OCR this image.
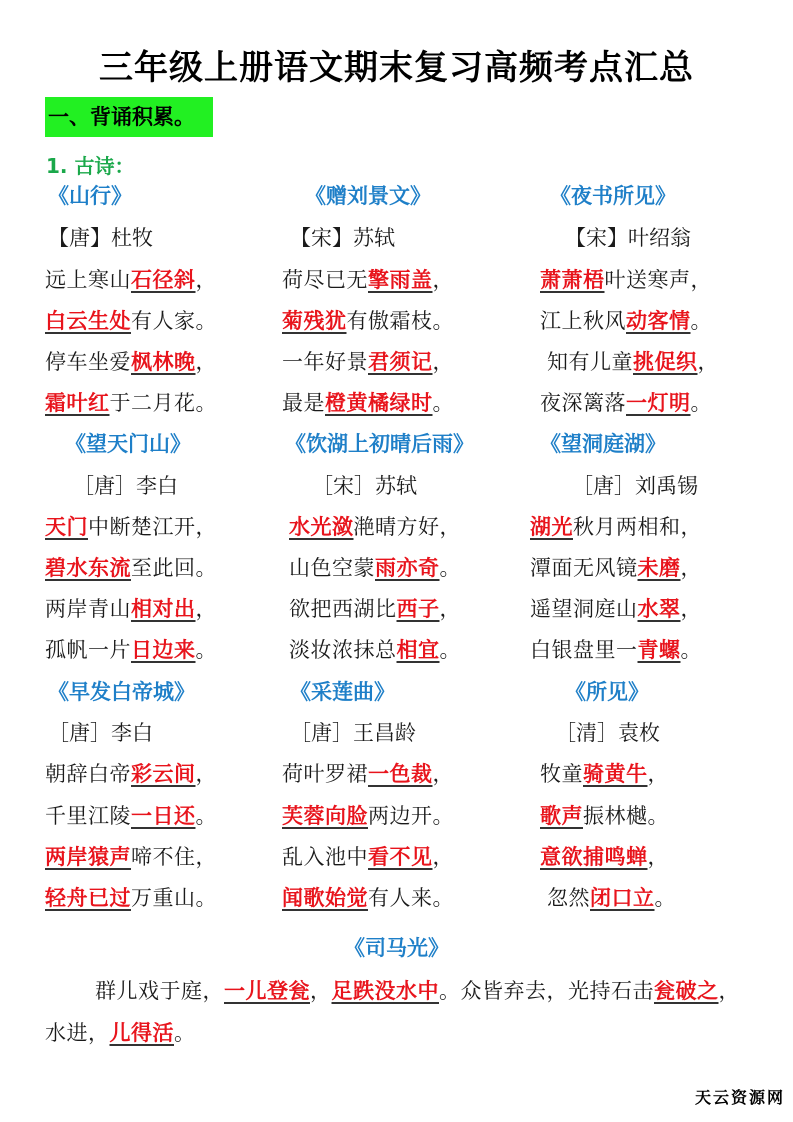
三年级上册语文期末复习高频考点汇总
一、背诵积累。
1. 古诗：
《山行》
【唐】杜牧
远上寒山石径斜，
白云生处有人家。
停车坐爱枫林晚，
霜叶红于二月花。
《赠刘景文》
【宋】苏轼
荷尽已无擎雨盖，
菊残犹有傲霜枝。
一年好景君须记，
最是橙黄橘绿时。
《夜书所见》
【宋】叶绍翁
萧萧梧叶送寒声，
江上秋风动客情。
知有儿童挑促织，
夜深篱落一灯明。
《望天门山》
［唐］李白
天门中断楚江开，
碧水东流至此回。
两岸青山相对出，
孤帆一片日边来。
《饮湖上初晴后雨》
［宋］苏轼
水光潋滟晴方好，
山色空蒙雨亦奇。
欲把西湖比西子，
淡妆浓抹总相宜。
《望洞庭湖》
［唐］刘禹锡
湖光秋月两相和，
潭面无风镜未磨，
遥望洞庭山水翠，
白银盘里一青螺。
《早发白帝城》
［唐］李白
朝辞白帝彩云间，
千里江陵一日还。
两岸猿声啼不住，
轻舟已过万重山。
《采莲曲》
［唐］王昌龄
荷叶罗裙一色裁，
芙蓉向脸两边开。
乱入池中看不见，
闻歌始觉有人来。
《所见》
［清］袁枚
牧童骑黄牛，
歌声振林樾。
意欲捕鸣蝉，
忽然闭口立。
《司马光》
群儿戏于庭，一儿登瓮，足跌没水中。众皆弃去，光持石击瓮破之，水进，儿得活。
天云资源网
